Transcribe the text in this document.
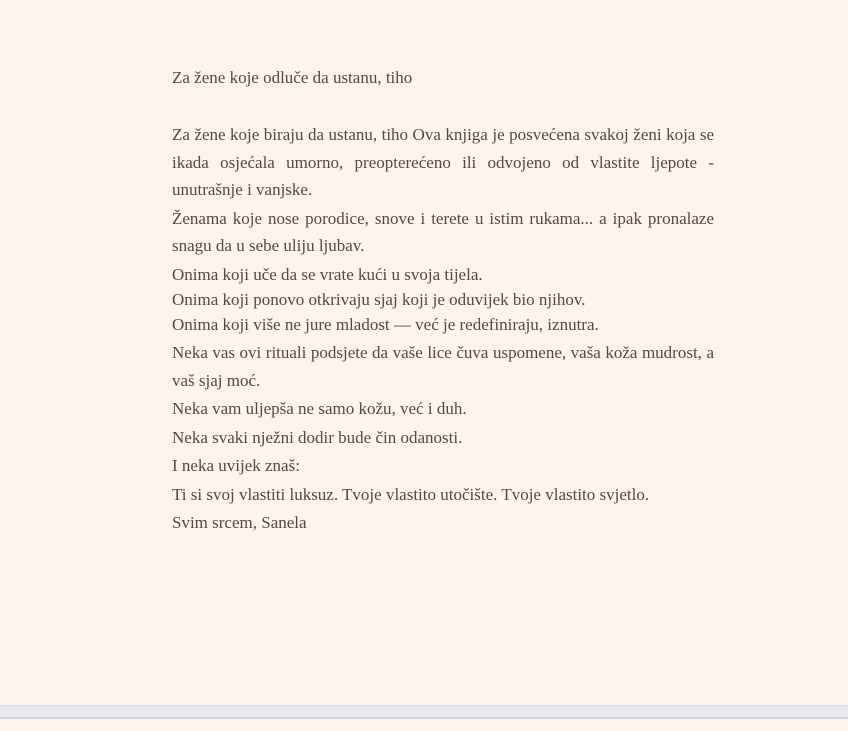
Za žene koje odluče da ustanu, tiho

Za žene koje biraju da ustanu, tiho Ova knjiga je posvećena svakoj ženi koja se ikada osjećala umorno, preopterećeno ili odvojeno od vlastite ljepote - unutrašnje i vanjske.

Ženama koje nose porodice, snove i terete u istim rukama... a ipak pronalaze snagu da u sebe uliju ljubav.

Onima koji uče da se vrate kući u svoja tijela.

Onima koji ponovo otkrivaju sjaj koji je oduvijek bio njihov.

Onima koji više ne jure mladost — već je redefiniraju, iznutra.

Neka vas ovi rituali podsjete da vaše lice čuva uspomene, vaša koža mudrost, a vaš sjaj moć.

Neka vam uljepša ne samo kožu, već i duh.

Neka svaki nježni dodir bude čin odanosti.

I neka uvijek znaš:

Ti si svoj vlastiti luksuz. Tvoje vlastito utočište. Tvoje vlastito svjetlo.

Svim srcem, Sanela
